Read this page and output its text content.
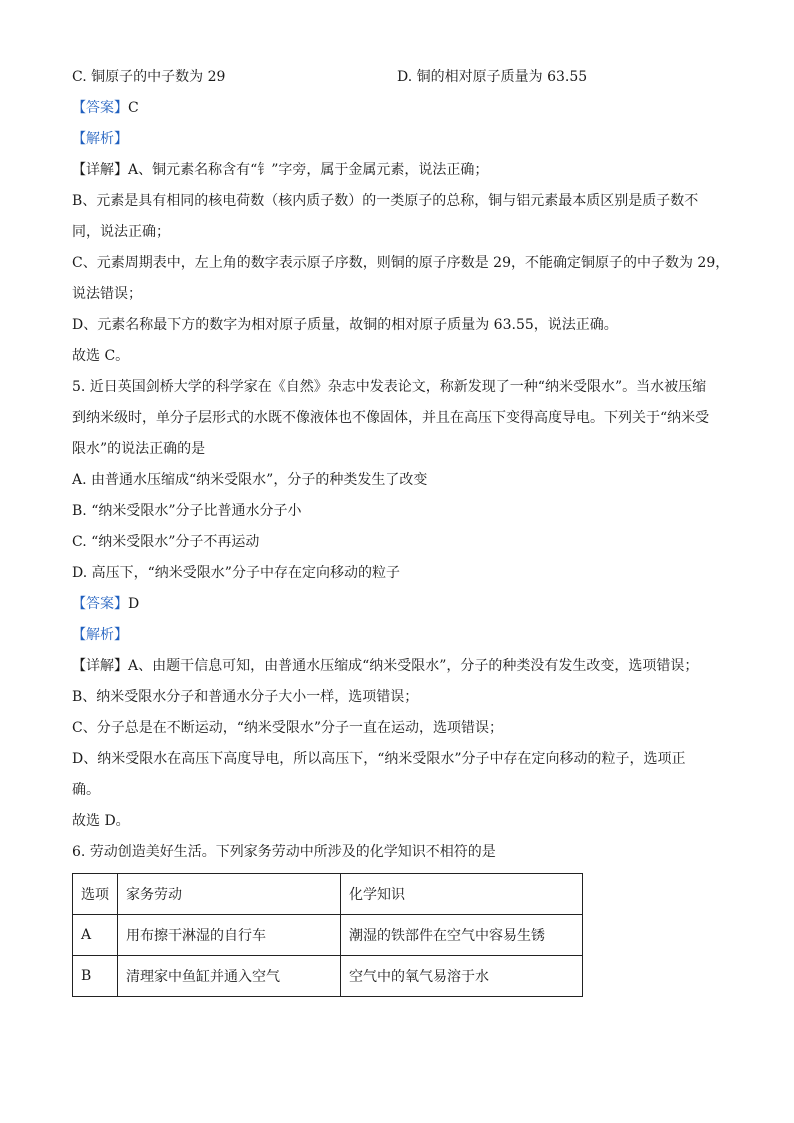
C. 铜原子的中子数为 29	D. 铜的相对原子质量为 63.55
【答案】C
【解析】
【详解】A、铜元素名称含有“钅”字旁，属于金属元素，说法正确；
B、元素是具有相同的核电荷数（核内质子数）的一类原子的总称，铜与铝元素最本质区别是质子数不
同，说法正确；
C、元素周期表中，左上角的数字表示原子序数，则铜的原子序数是 29，不能确定铜原子的中子数为 29，
说法错误；
D、元素名称最下方的数字为相对原子质量，故铜的相对原子质量为 63.55，说法正确。
故选 C。
5. 近日英国剑桥大学的科学家在《自然》杂志中发表论文，称新发现了一种“纳米受限水”。当水被压缩
到纳米级时，单分子层形式的水既不像液体也不像固体，并且在高压下变得高度导电。下列关于“纳米受
限水”的说法正确的是
A. 由普通水压缩成“纳米受限水”，分子的种类发生了改变
B. “纳米受限水”分子比普通水分子小
C. “纳米受限水”分子不再运动
D. 高压下，“纳米受限水”分子中存在定向移动的粒子
【答案】D
【解析】
【详解】A、由题干信息可知，由普通水压缩成“纳米受限水”，分子的种类没有发生改变，选项错误；
B、纳米受限水分子和普通水分子大小一样，选项错误；
C、分子总是在不断运动，“纳米受限水”分子一直在运动，选项错误；
D、纳米受限水在高压下高度导电，所以高压下，“纳米受限水”分子中存在定向移动的粒子，选项正
确。
故选 D。
6. 劳动创造美好生活。下列家务劳动中所涉及的化学知识不相符的是
选项	家务劳动	化学知识
A	用布擦干淋湿的自行车	潮湿的铁部件在空气中容易生锈
B	清理家中鱼缸并通入空气	空气中的氧气易溶于水
